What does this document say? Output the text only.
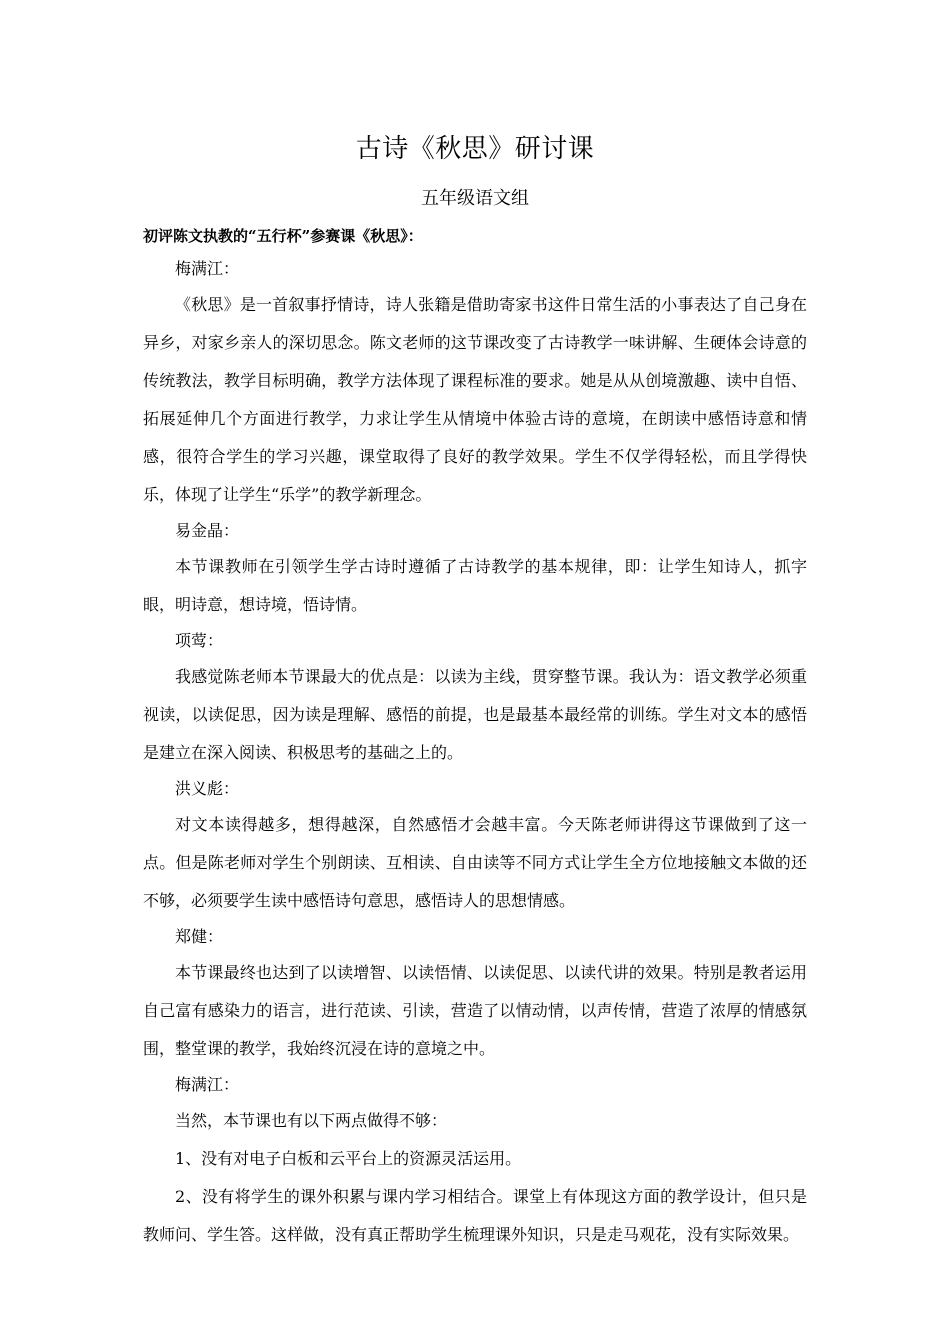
古诗《秋思》研讨课
五年级语文组

初评陈文执教的“五行杯”参赛课《秋思》：

梅满江：

《秋思》是一首叙事抒情诗，诗人张籍是借助寄家书这件日常生活的小事表达了自己身在异乡，对家乡亲人的深切思念。陈文老师的这节课改变了古诗教学一味讲解、生硬体会诗意的传统教法，教学目标明确，教学方法体现了课程标准的要求。她是从从创境激趣、读中自悟、拓展延伸几个方面进行教学，力求让学生从情境中体验古诗的意境，在朗读中感悟诗意和情感，很符合学生的学习兴趣，课堂取得了良好的教学效果。学生不仅学得轻松，而且学得快乐，体现了让学生“乐学”的教学新理念。

易金晶：

本节课教师在引领学生学古诗时遵循了古诗教学的基本规律，即：让学生知诗人，抓字眼，明诗意，想诗境，悟诗情。

项莺：

我感觉陈老师本节课最大的优点是：以读为主线，贯穿整节课。我认为：语文教学必须重视读，以读促思，因为读是理解、感悟的前提，也是最基本最经常的训练。学生对文本的感悟是建立在深入阅读、积极思考的基础之上的。

洪义彪：

对文本读得越多，想得越深，自然感悟才会越丰富。今天陈老师讲得这节课做到了这一点。但是陈老师对学生个别朗读、互相读、自由读等不同方式让学生全方位地接触文本做的还不够，必须要学生读中感悟诗句意思，感悟诗人的思想情感。

郑健：

本节课最终也达到了以读增智、以读悟情、以读促思、以读代讲的效果。特别是教者运用自己富有感染力的语言，进行范读、引读，营造了以情动情，以声传情，营造了浓厚的情感氛围，整堂课的教学，我始终沉浸在诗的意境之中。

梅满江：

当然，本节课也有以下两点做得不够：

1、没有对电子白板和云平台上的资源灵活运用。

2、没有将学生的课外积累与课内学习相结合。课堂上有体现这方面的教学设计，但只是教师问、学生答。这样做，没有真正帮助学生梳理课外知识，只是走马观花，没有实际效果。
